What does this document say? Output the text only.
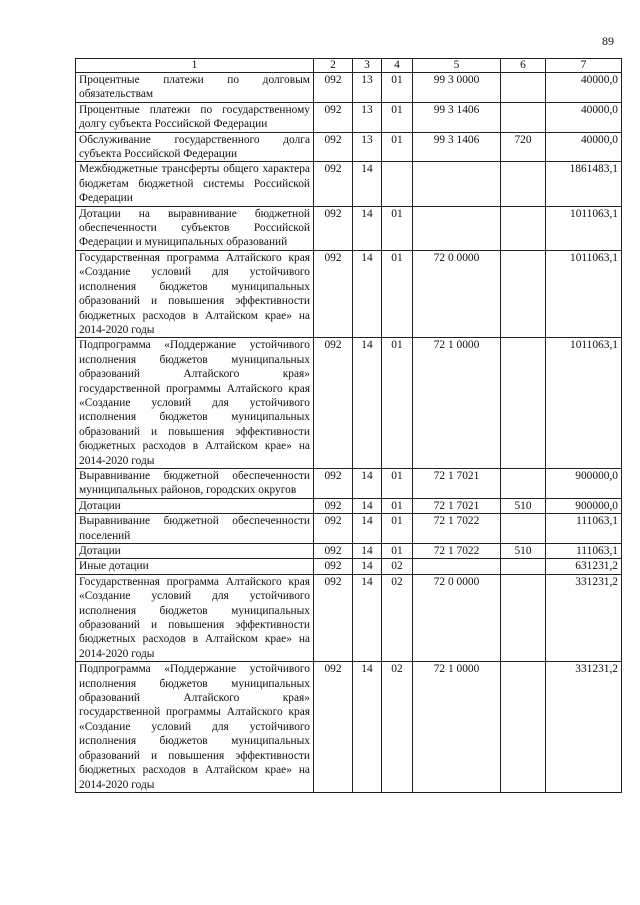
89
1	2	3	4	5	6	7
Процентные платежи по долговым обязательствам	092	13	01	99 3 0000		40000,0
Процентные платежи по государственному долгу субъекта Российской Федерации	092	13	01	99 3 1406		40000,0
Обслуживание государственного долга субъекта Российской Федерации	092	13	01	99 3 1406	720	40000,0
Межбюджетные трансферты общего характера бюджетам бюджетной системы Российской Федерации	092	14				1861483,1
Дотации на выравнивание бюджетной обеспеченности субъектов Российской Федерации и муниципальных образований	092	14	01			1011063,1
Государственная программа Алтайского края «Создание условий для устойчивого исполнения бюджетов муниципальных образований и повышения эффективности бюджетных расходов в Алтайском крае» на 2014-2020 годы	092	14	01	72 0 0000		1011063,1
Подпрограмма «Поддержание устойчивого исполнения бюджетов муниципальных образований Алтайского края» государственной программы Алтайского края «Создание условий для устойчивого исполнения бюджетов муниципальных образований и повышения эффективности бюджетных расходов в Алтайском крае» на 2014-2020 годы	092	14	01	72 1 0000		1011063,1
Выравнивание бюджетной обеспеченности муниципальных районов, городских округов	092	14	01	72 1 7021		900000,0
Дотации	092	14	01	72 1 7021	510	900000,0
Выравнивание бюджетной обеспеченности поселений	092	14	01	72 1 7022		111063,1
Дотации	092	14	01	72 1 7022	510	111063,1
Иные дотации	092	14	02			631231,2
Государственная программа Алтайского края «Создание условий для устойчивого исполнения бюджетов муниципальных образований и повышения эффективности бюджетных расходов в Алтайском крае» на 2014-2020 годы	092	14	02	72 0 0000		331231,2
Подпрограмма «Поддержание устойчивого исполнения бюджетов муниципальных образований Алтайского края» государственной программы Алтайского края «Создание условий для устойчивого исполнения бюджетов муниципальных образований и повышения эффективности бюджетных расходов в Алтайском крае» на 2014-2020 годы	092	14	02	72 1 0000		331231,2
